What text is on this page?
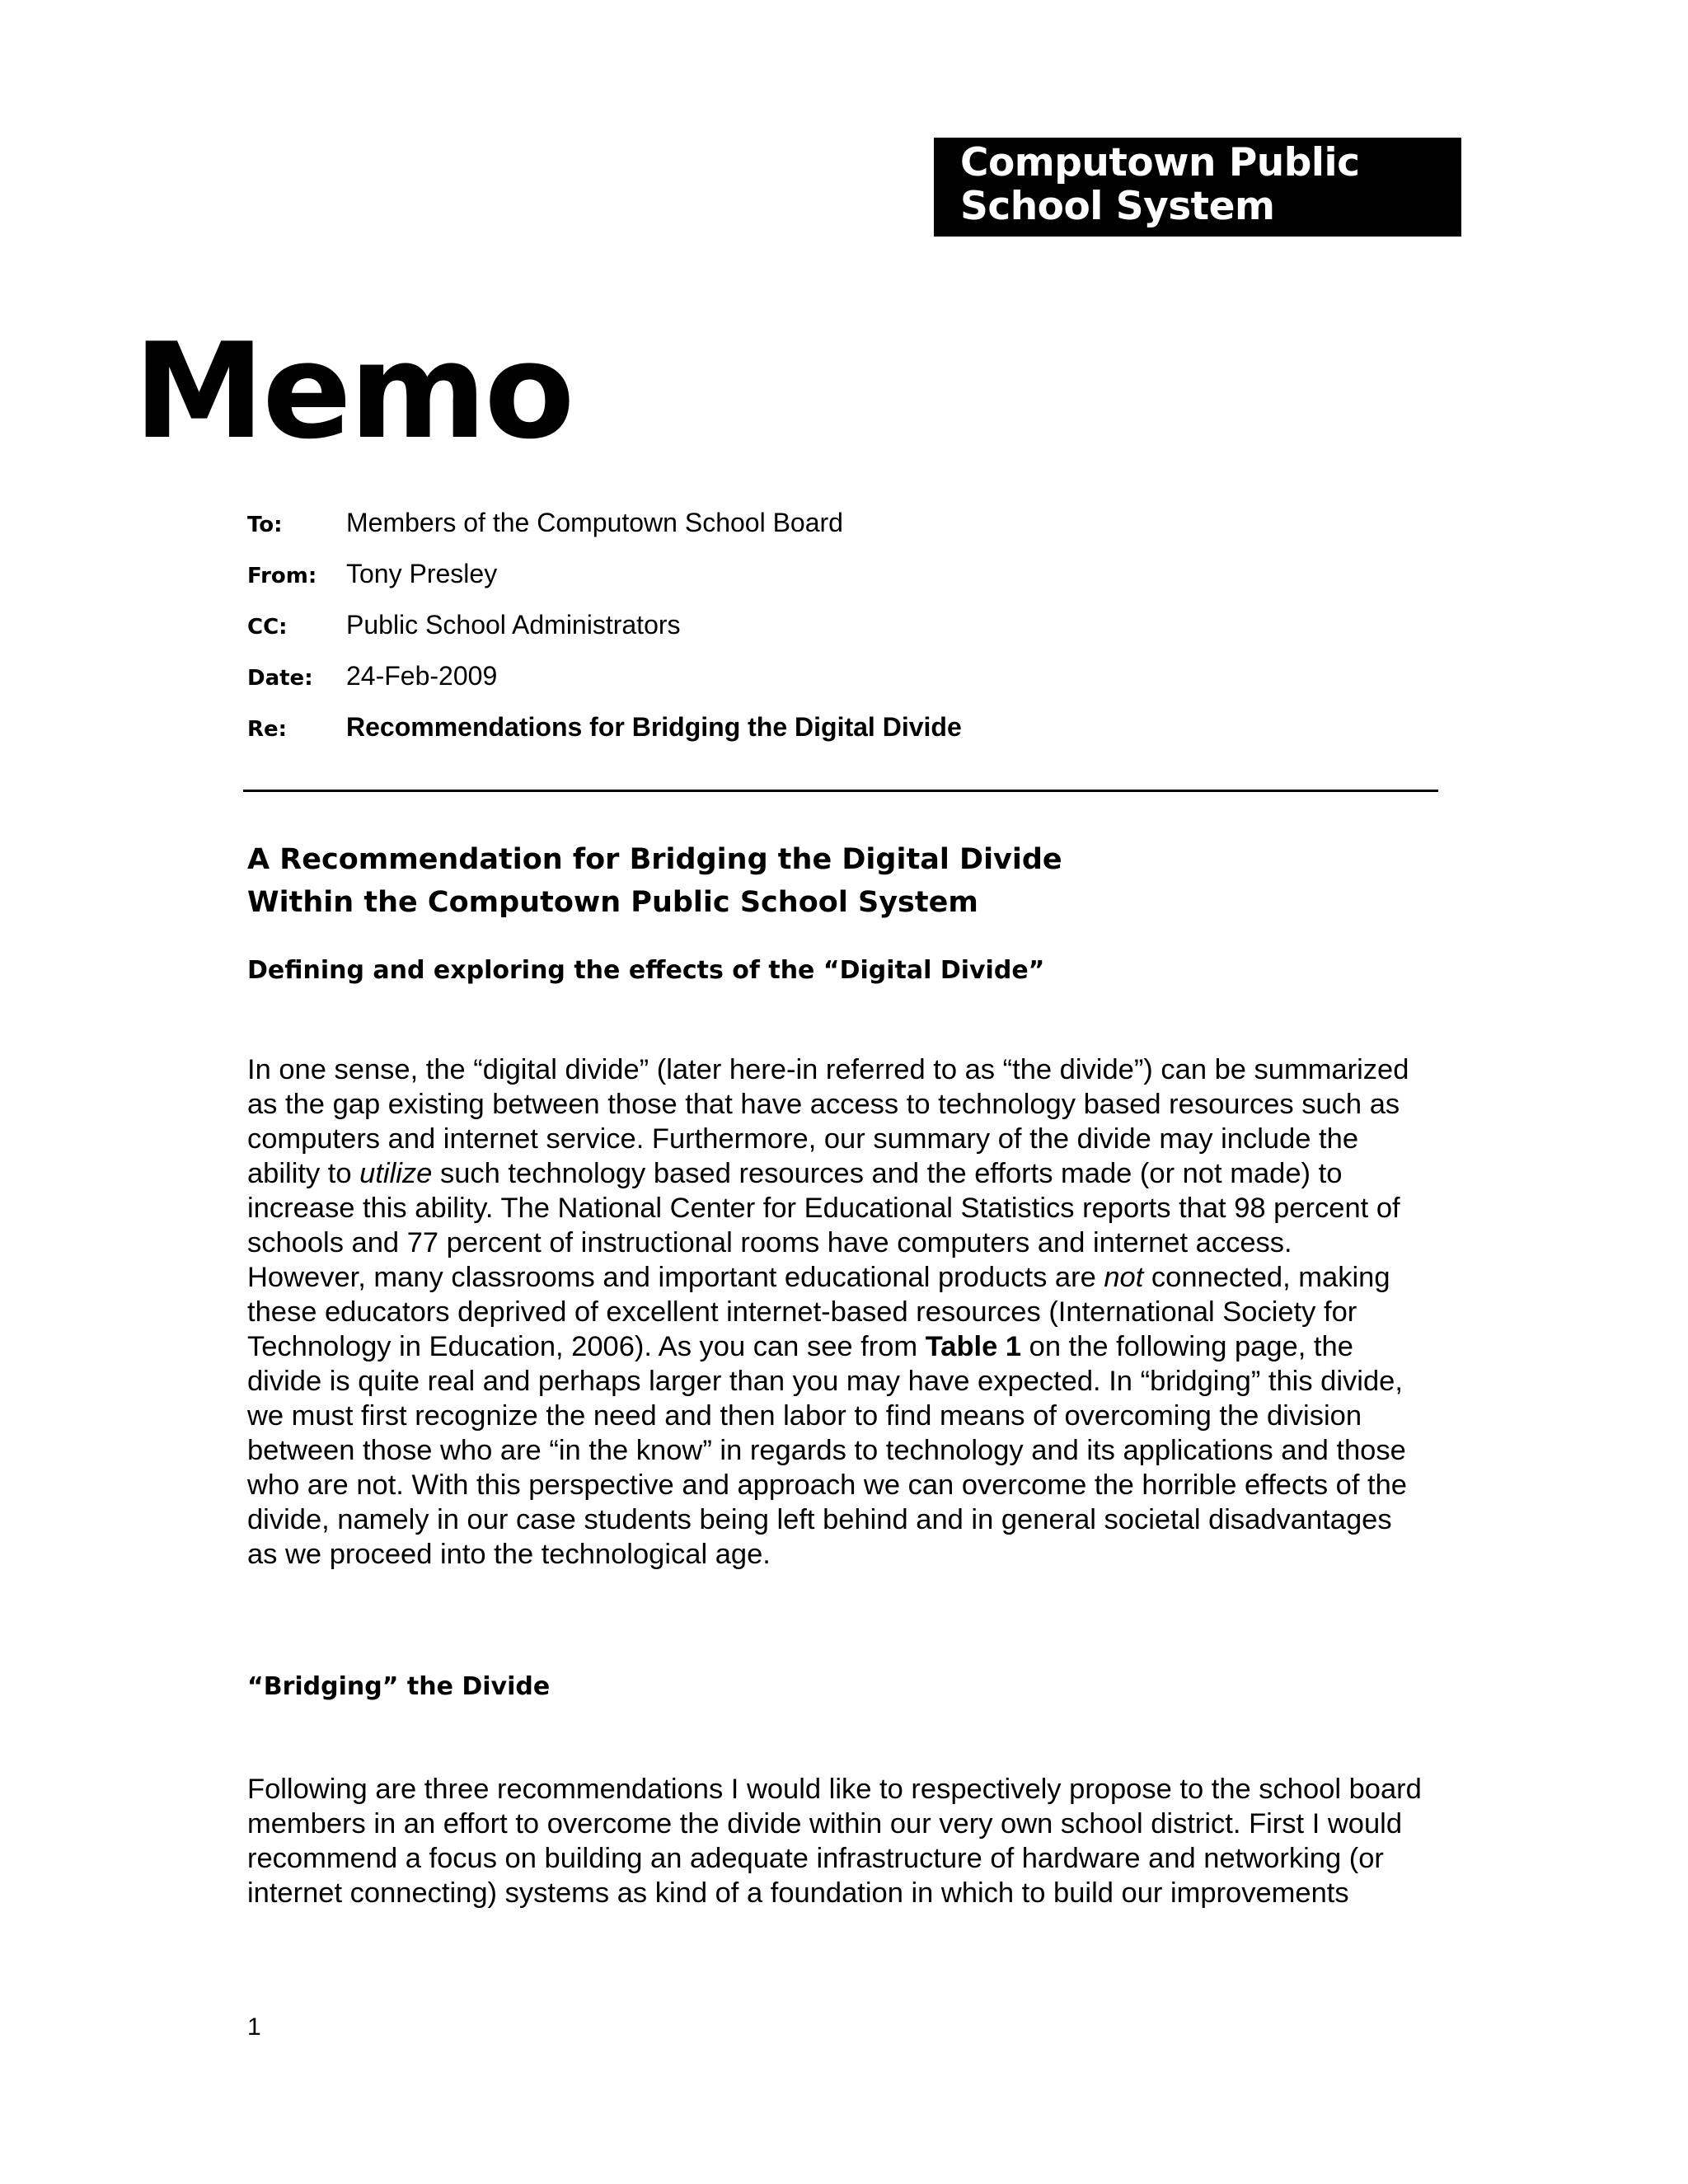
Computown Public
School System
Memo
To:	Members of the Computown School Board
From:	Tony Presley
CC:	Public School Administrators
Date:	24-Feb-2009
Re:	Recommendations for Bridging the Digital Divide
A Recommendation for Bridging the Digital Divide
Within the Computown Public School System
Defining and exploring the effects of the “Digital Divide”
In one sense, the “digital divide” (later here-in referred to as “the divide”) can be summarized
as the gap existing between those that have access to technology based resources such as
computers and internet service. Furthermore, our summary of the divide may include the
ability to utilize such technology based resources and the efforts made (or not made) to
increase this ability. The National Center for Educational Statistics reports that 98 percent of
schools and 77 percent of instructional rooms have computers and internet access.
However, many classrooms and important educational products are not connected, making
these educators deprived of excellent internet-based resources (International Society for
Technology in Education, 2006). As you can see from Table 1 on the following page, the
divide is quite real and perhaps larger than you may have expected. In “bridging” this divide,
we must first recognize the need and then labor to find means of overcoming the division
between those who are “in the know” in regards to technology and its applications and those
who are not. With this perspective and approach we can overcome the horrible effects of the
divide, namely in our case students being left behind and in general societal disadvantages
as we proceed into the technological age.
“Bridging” the Divide
Following are three recommendations I would like to respectively propose to the school board
members in an effort to overcome the divide within our very own school district. First I would
recommend a focus on building an adequate infrastructure of hardware and networking (or
internet connecting) systems as kind of a foundation in which to build our improvements

1
